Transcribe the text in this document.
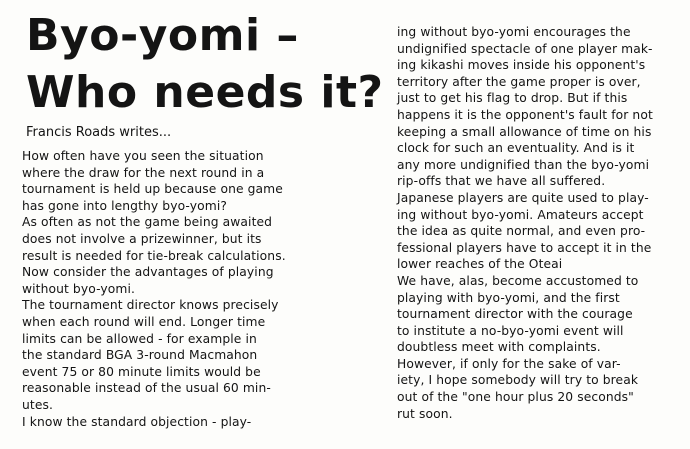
Byo-yomi –
Who needs it?
Francis Roads writes...
How often have you seen the situation
where the draw for the next round in a
tournament is held up because one game
has gone into lengthy byo-yomi?
As often as not the game being awaited
does not involve a prizewinner, but its
result is needed for tie-break calculations.
Now consider the advantages of playing
without byo-yomi.
The tournament director knows precisely
when each round will end. Longer time
limits can be allowed - for example in
the standard BGA 3-round Macmahon
event 75 or 80 minute limits would be
reasonable instead of the usual 60 min-
utes.
I know the standard objection - play-
ing without byo-yomi encourages the
undignified spectacle of one player mak-
ing kikashi moves inside his opponent's
territory after the game proper is over,
just to get his flag to drop. But if this
happens it is the opponent's fault for not
keeping a small allowance of time on his
clock for such an eventuality. And is it
any more undignified than the byo-yomi
rip-offs that we have all suffered.
Japanese players are quite used to play-
ing without byo-yomi. Amateurs accept
the idea as quite normal, and even pro-
fessional players have to accept it in the
lower reaches of the Oteai
We have, alas, become accustomed to
playing with byo-yomi, and the first
tournament director with the courage
to institute a no-byo-yomi event will
doubtless meet with complaints.
However, if only for the sake of var-
iety, I hope somebody will try to break
out of the "one hour plus 20 seconds"
rut soon.
